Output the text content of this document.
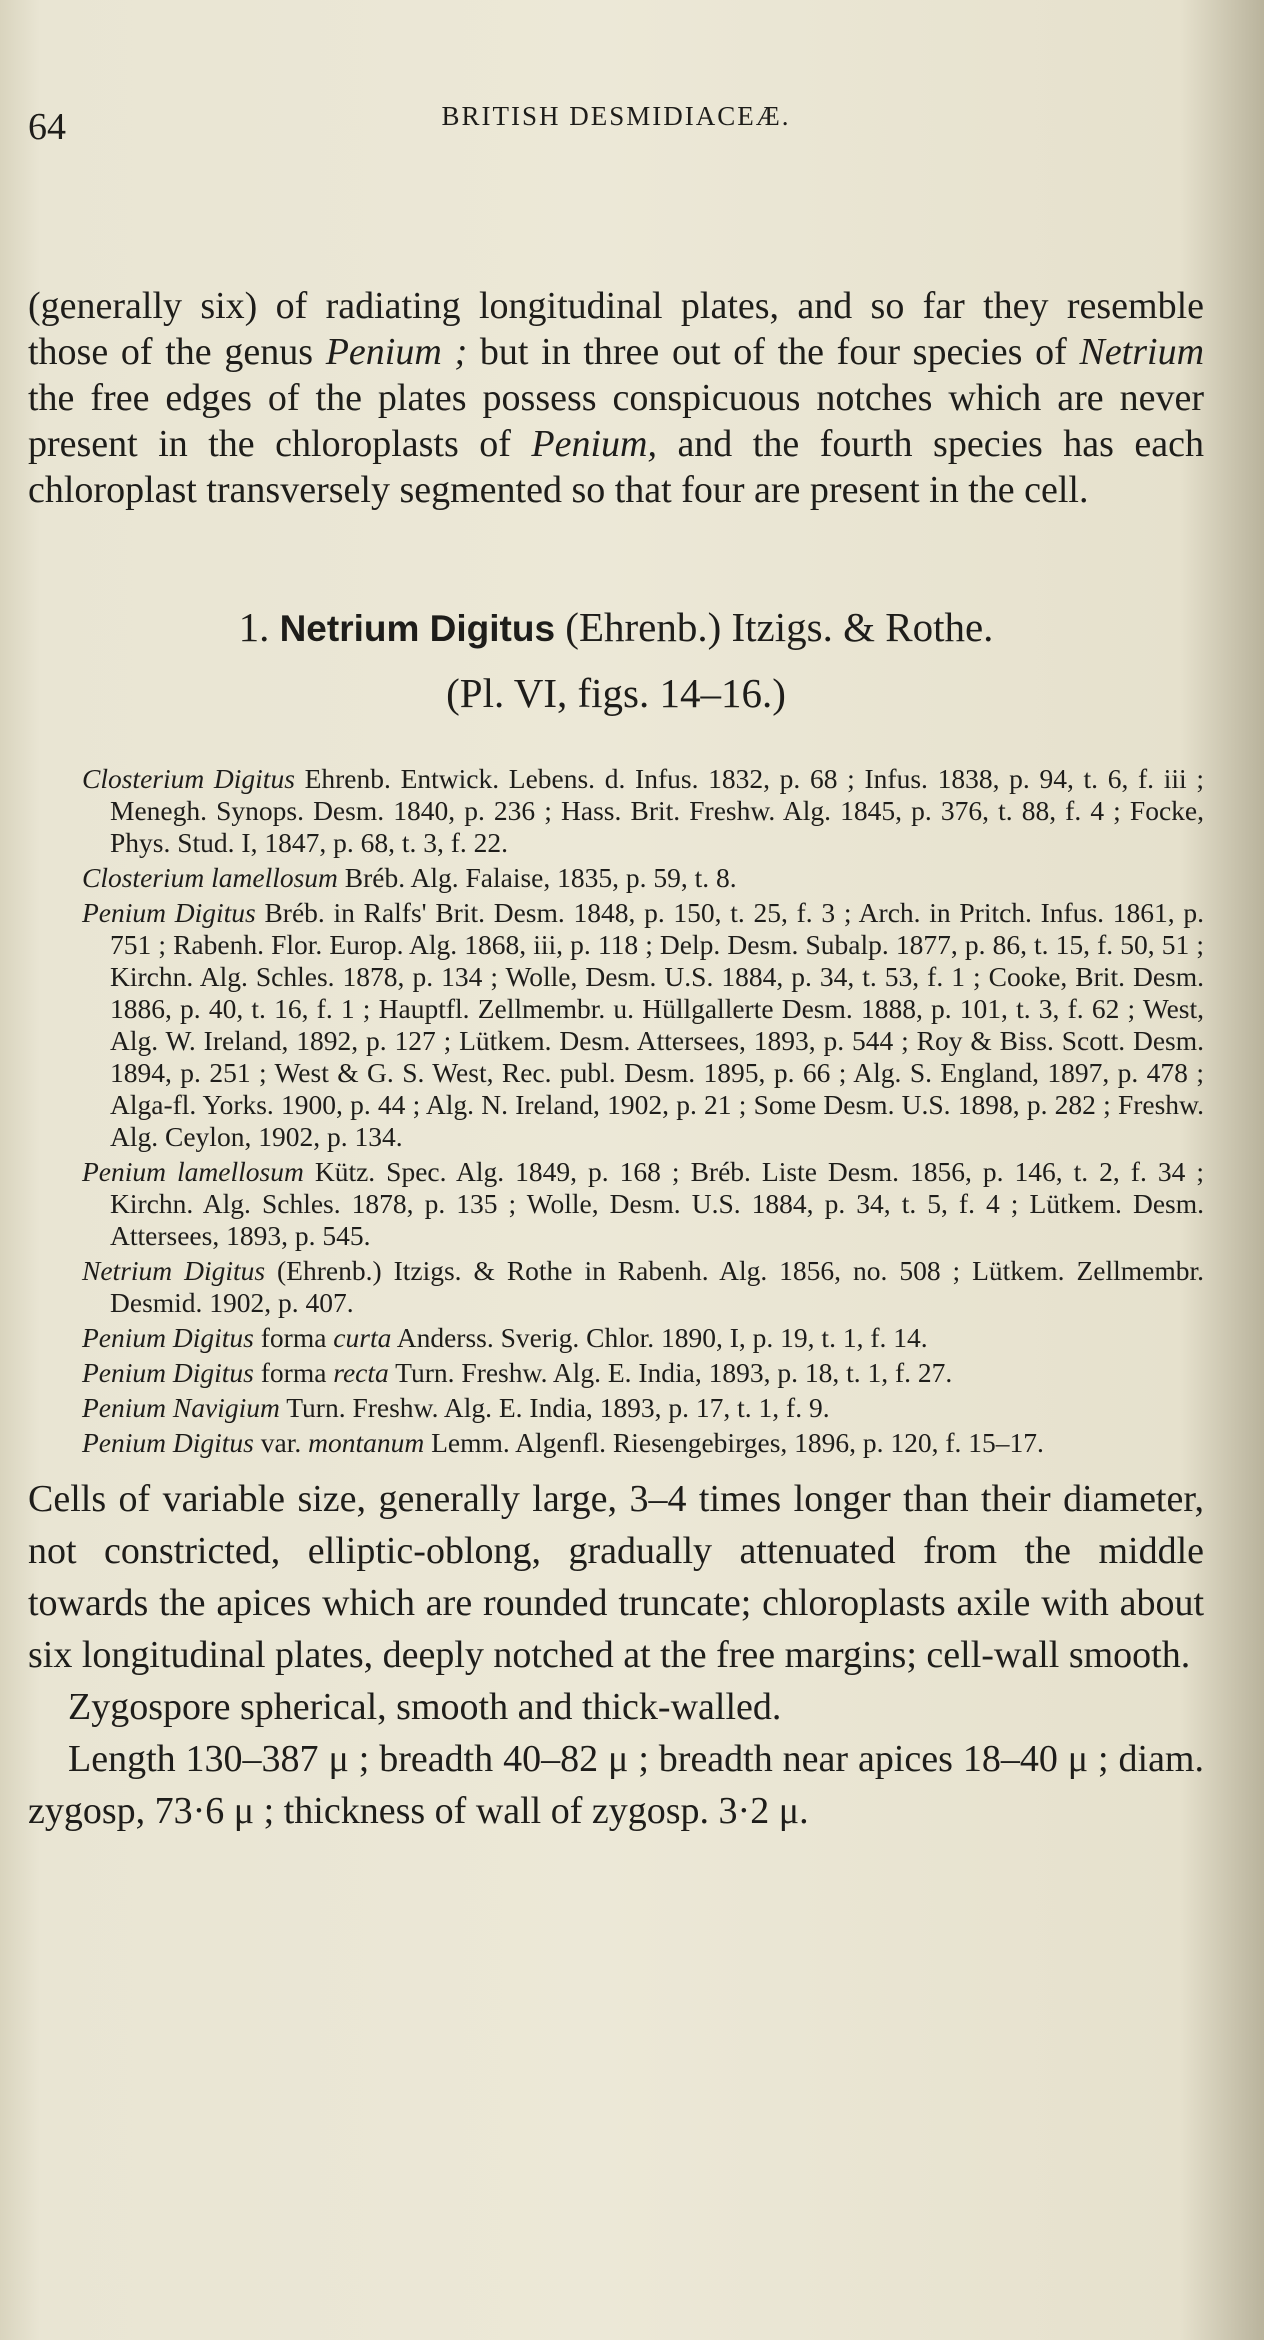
64	BRITISH DESMIDIACEÆ.

(generally six) of radiating longitudinal plates, and so far they resemble those of the genus Penium ; but in three out of the four species of Netrium the free edges of the plates possess conspicuous notches which are never present in the chloroplasts of Penium, and the fourth species has each chloroplast transversely segmented so that four are present in the cell.

1. Netrium Digitus (Ehrenb.) Itzigs. & Rothe.
(Pl. VI, figs. 14–16.)

Closterium Digitus Ehrenb. Entwick. Lebens. d. Infus. 1832, p. 68 ; Infus. 1838, p. 94, t. 6, f. iii ; Menegh. Synops. Desm. 1840, p. 236 ; Hass. Brit. Freshw. Alg. 1845, p. 376, t. 88, f. 4 ; Focke, Phys. Stud. I, 1847, p. 68, t. 3, f. 22.

Closterium lamellosum Bréb. Alg. Falaise, 1835, p. 59, t. 8.

Penium Digitus Bréb. in Ralfs' Brit. Desm. 1848, p. 150, t. 25, f. 3 ; Arch. in Pritch. Infus. 1861, p. 751 ; Rabenh. Flor. Europ. Alg. 1868, iii, p. 118 ; Delp. Desm. Subalp. 1877, p. 86, t. 15, f. 50, 51 ; Kirchn. Alg. Schles. 1878, p. 134 ; Wolle, Desm. U.S. 1884, p. 34, t. 53, f. 1 ; Cooke, Brit. Desm. 1886, p. 40, t. 16, f. 1 ; Hauptfl. Zellmembr. u. Hüllgallerte Desm. 1888, p. 101, t. 3, f. 62 ; West, Alg. W. Ireland, 1892, p. 127 ; Lütkem. Desm. Attersees, 1893, p. 544 ; Roy & Biss. Scott. Desm. 1894, p. 251 ; West & G. S. West, Rec. publ. Desm. 1895, p. 66 ; Alg. S. England, 1897, p. 478 ; Alga-fl. Yorks. 1900, p. 44 ; Alg. N. Ireland, 1902, p. 21 ; Some Desm. U.S. 1898, p. 282 ; Freshw. Alg. Ceylon, 1902, p. 134.

Penium lamellosum Kütz. Spec. Alg. 1849, p. 168 ; Bréb. Liste Desm. 1856, p. 146, t. 2, f. 34 ; Kirchn. Alg. Schles. 1878, p. 135 ; Wolle, Desm. U.S. 1884, p. 34, t. 5, f. 4 ; Lütkem. Desm. Attersees, 1893, p. 545.

Netrium Digitus (Ehrenb.) Itzigs. & Rothe in Rabenh. Alg. 1856, no. 508 ; Lütkem. Zellmembr. Desmid. 1902, p. 407.

Penium Digitus forma curta Anderss. Sverig. Chlor. 1890, I, p. 19, t. 1, f. 14.

Penium Digitus forma recta Turn. Freshw. Alg. E. India, 1893, p. 18, t. 1, f. 27.

Penium Navigium Turn. Freshw. Alg. E. India, 1893, p. 17, t. 1, f. 9.

Penium Digitus var. montanum Lemm. Algenfl. Riesengebirges, 1896, p. 120, f. 15–17.

Cells of variable size, generally large, 3–4 times longer than their diameter, not constricted, elliptic-oblong, gradually attenuated from the middle towards the apices which are rounded truncate; chloroplasts axile with about six longitudinal plates, deeply notched at the free margins; cell-wall smooth.

Zygospore spherical, smooth and thick-walled.

Length 130–387 μ ; breadth 40–82 μ ; breadth near apices 18–40 μ ; diam. zygosp, 73·6 μ ; thickness of wall of zygosp. 3·2 μ.
